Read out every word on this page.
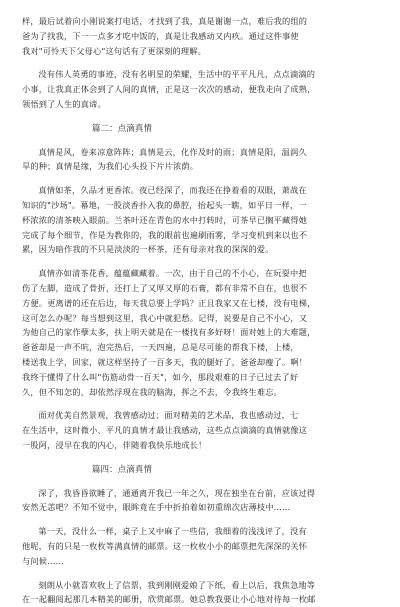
样，最后试着向小刚说案打电话，才找到了我，真是谢谢一点，难后我的组的

爸为了找我，下一一点多才吃中饭的，真是让我感动又内疚。通过这件事使

我对"可怜天下父母心"这句话有了更深刻的理解。

没有伟人英勇的事迹，没有名明星的荣耀，生活中的平平凡凡，点点滴滴的

小事，让我真正体会到了人间的真情，正是这一次次的感动，便我走向了成熟，

领悟到了人生的真谛。

篇二：点滴真情

真情是风，卷来凉意阵阵；真情是云，化作及时的雨；真情是阳，温润久

旱的种；真情是缘，为我们心头投下片片浓荫。

真情如茶，久品才更香浓。夜已经深了，而我还在挣着看的双眼，萧战在

知识的"沙场"。幕地，一股淡香扑入我的鼻腔，抬起头一瞧，如平日一样，一

杯浓浓的清茶映入眼前。兰茶叶还在青色的水中打转时，可茶早已搁平藏得她

完成了每个细节，作是为教你的，我的眼前也遍刷雨雾，学习变机到来以也不

累，因为暗作我的不只是淡淡的一杯茶，还有母亲对我的深深的爱。

真情亦如清茶花香，蕴蕴藏藏着。一次，由于自己的不小心，在玩耍中把

伤了左脚，造成了骨折，还打上了又厚又厚的石膏，都有非常不自在，也很不

方便。更离谱的还在后边，每天我总要上学吗？正且我家又在七楼，没有电梯，

这可怎么办呢？每当想到这里，我心中就犯愁。记得，说要是自己不小心，又

为他自己的家作孽太多，扶上明天就是在一楼找有多好呀！面对她上的大难题，

爸爸却是一声不吭，泡完热后，一天四遍，总是尽可能的帮我下楼，上楼，

楼送我上学，回家，就这样坚持了一百多天，我的腿好了，爸爸却瘦了。啊！

我终于懂得了什么叫"伤筋动骨一百天"，如今，那段艰难的日子已过去了好

久，但不知怎的，却依然浮现在我的脑海，挥之不去，令我终生难忘。

面对优美自然景观，我曾感动过；面对精美的艺术品，我也感动过，七

在生活中，这时微小、平凡的真情才最让我感动，这些点点滴滴的真情就像这

一股阿，浸早在我的内心，伴随着我快乐地成长！

篇四：点滴真情

深了，我昏昏欲睡了，通通离开我已一年之久，现在独坐在台前，应该过得

安然无恙吧？不知不觉中，眼眸竟在手中折拍着如初重绵次店薄枝中……

第一天，没什么一样，桌子上又中麻了一些信，我细着的浅浅评了，没有

他呢，有的只是一枚枚等满真情的邮票。这一枚枚小小的邮票把先深深的关怀

与问候……

刻朗从小就喜欢收上了信票，我到刚刚爱娘了下纸，看上以后，我焦急地等

在一起翻阅起那几本精美的邮册，欣赏邮票。她总教我要让小心地对待每一枚邮
